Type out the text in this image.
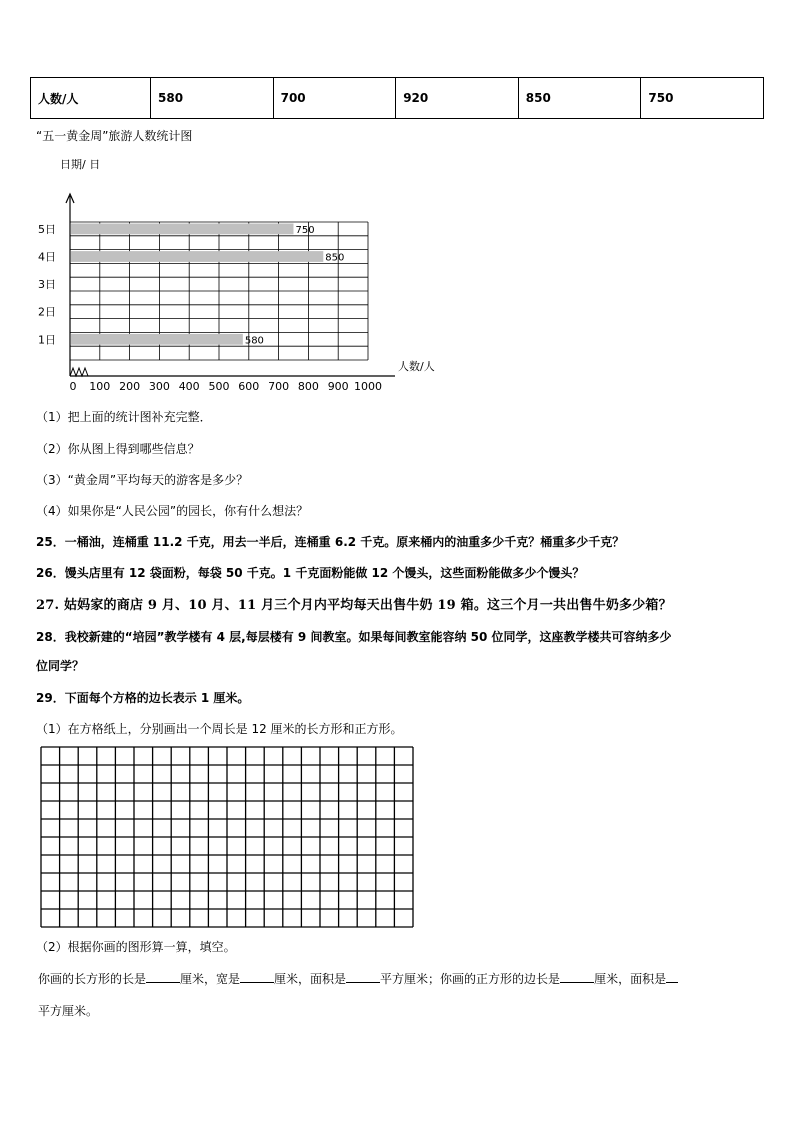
人数/人	580	700	920	850	750
“五一黄金周”旅游人数统计图
日期/ 日
人数/人
1日
2日
3日
4日
5日
0 100 200 300 400 500 600 700 800 900 1000
580
850
750
（1）把上面的统计图补充完整．
（2）你从图上得到哪些信息？
（3）“黄金周”平均每天的游客是多少？
（4）如果你是“人民公园”的园长，你有什么想法？
25．一桶油，连桶重 11.2 千克，用去一半后，连桶重 6.2 千克。原来桶内的油重多少千克？桶重多少千克？
26．馒头店里有 12 袋面粉，每袋 50 千克。1 千克面粉能做 12 个馒头，这些面粉能做多少个馒头？
27. 姑妈家的商店 9 月、10 月、11 月三个月内平均每天出售牛奶 19 箱。这三个月一共出售牛奶多少箱？
28．我校新建的“培园”教学楼有 4 层,每层楼有 9 间教室。如果每间教室能容纳 50 位同学，这座教学楼共可容纳多少
位同学？
29．下面每个方格的边长表示 1 厘米。
（1）在方格纸上，分别画出一个周长是 12 厘米的长方形和正方形。
（2）根据你画的图形算一算，填空。
你画的长方形的长是	厘米，宽是	厘米，面积是	平方厘米；你画的正方形的边长是	厘米，面积是
平方厘米。
